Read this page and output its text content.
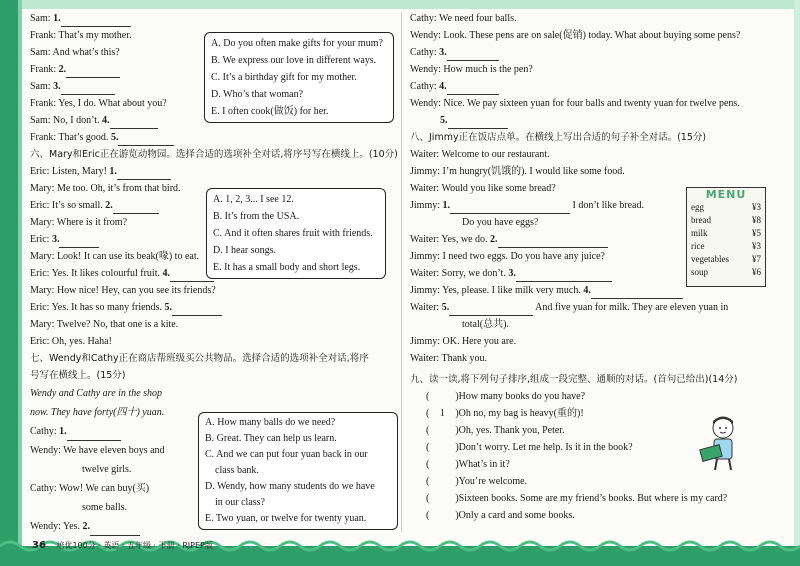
Sam: 1.
Frank: That’s my mother.
Sam: And what’s this?
Frank: 2.
Sam: 3.
Frank: Yes, I do. What about you?
Sam: No, I don’t. 4.
Frank: That’s good. 5.
六、Mary和Eric正在游览动物园。选择合适的选项补全对话,将序号写在横线上。(10分)
Eric: Listen, Mary! 1.
Mary: Me too. Oh, it’s from that bird.
Eric: It’s so small. 2.
Mary: Where is it from?
Eric: 3.
Mary: Look! It can use its beak(喙) to eat.
Eric: Yes. It likes colourful fruit. 4.
Mary: How nice! Hey, can you see its friends?
Eric: Yes. It has so many friends. 5.
Mary: Twelve? No, that one is a kite.
Eric: Oh, yes. Haha!
七、Wendy和Cathy正在商店帮班级买公共物品。选择合适的选项补全对话,将序
号写在横线上。(15分)
Wendy and Cathy are in the shop
now. They have forty(四十) yuan.
Cathy: 1.
Wendy: We have eleven boys and
twelve girls.
Cathy: Wow! We can buy(买)
some balls.
Wendy: Yes. 2.
Cathy: We need four balls.
Wendy: Look. These pens are on sale(促销) today. What about buying some pens?
Cathy: 3.
Wendy: How much is the pen?
Cathy: 4.
Wendy: Nice. We pay sixteen yuan for four balls and twenty yuan for twelve pens.
5.
八、Jimmy正在饭店点单。在横线上写出合适的句子补全对话。(15分)
Waiter: Welcome to our restaurant.
Jimmy: I’m hungry(饥饿的). I would like some food.
Waiter: Would you like some bread?
Jimmy: 1.	I don’t like bread.
Do you have eggs?
Waiter: Yes, we do. 2.
Jimmy: I need two eggs. Do you have any juice?
Waiter: Sorry, we don’t. 3.
Jimmy: Yes, please. I like milk very much. 4.
Waiter: 5.	And five yuan for milk. They are eleven yuan in
total(总共).
Jimmy: OK. Here you are.
Waiter: Thank you.
九、读一读,将下列句子排序,组成一段完整、通顺的对话。(首句已给出)(14分)
(	)How many books do you have?
( 1 )Oh no, my bag is heavy(重的)!
(	)Oh, yes. Thank you, Peter.
(	)Don’t worry. Let me help. Is it in the book?
(	)What’s in it?
(	)You’re welcome.
(	)Sixteen books. Some are my friend’s books. But where is my card?
(	)Only a card and some books.
MENU
egg	¥3
bread	¥8
milk	¥5
rice	¥3
vegetables	¥7
soup	¥6
36 培优100分 · 英语 · 五年级 · 下册 · RJPEP版
A. Do you often make gifts for your mum?
B. We express our love in different ways.
C. It’s a birthday gift for my mother.
D. Who’s that woman?
E. I often cook(做饭) for her.
A. 1, 2, 3... I see 12.
B. It’s from the USA.
C. And it often shares fruit with friends.
D. I hear songs.
E. It has a small body and short legs.
A. How many balls do we need?
B. Great. They can help us learn.
C. And we can put four yuan back in our
class bank.
D. Wendy, how many students do we have
in our class?
E. Two yuan, or twelve for twenty yuan.
